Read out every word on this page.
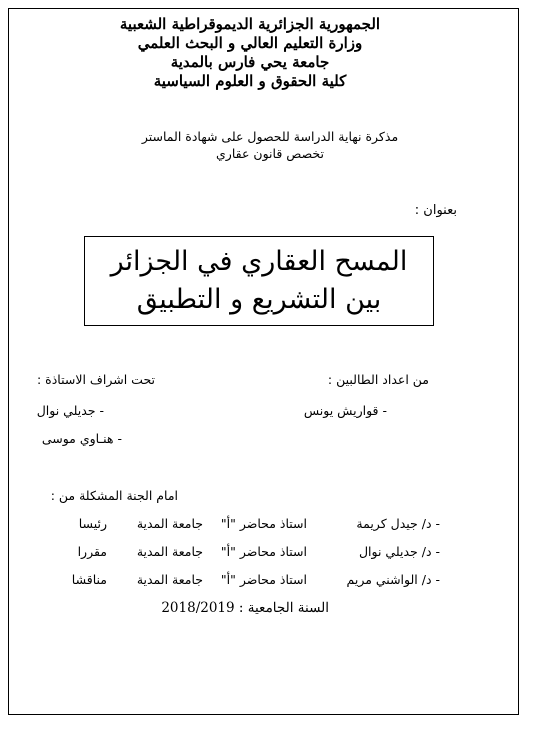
الجمهورية الجزائرية الديموقراطية الشعبية
وزارة التعليم العالي و البحث العلمي
جامعة يحي فارس بالمدية
كلية الحقوق و العلوم السياسية
مذكرة نهاية الدراسة للحصول على شهادة الماستر
تخصص قانون عقاري
بعنوان :
المسح العقاري في الجزائر
بين التشريع و التطبيق
من اعداد الطالبين :
- قواريش يونس
تحت اشراف الاستاذة :
- جديلي نوال
- هنـاوي موسى
امام الجنة المشكلة من :
- د/ جيدل كريمة
استاذ محاضر "أ"
جامعة المدية
رئيسا
- د/ جديلي نوال
استاذ محاضر "أ"
جامعة المدية
مقررا
- د/ الواشني مريم
استاذ محاضر "أ"
جامعة المدية
مناقشا
السنة الجامعية : 2018/2019
